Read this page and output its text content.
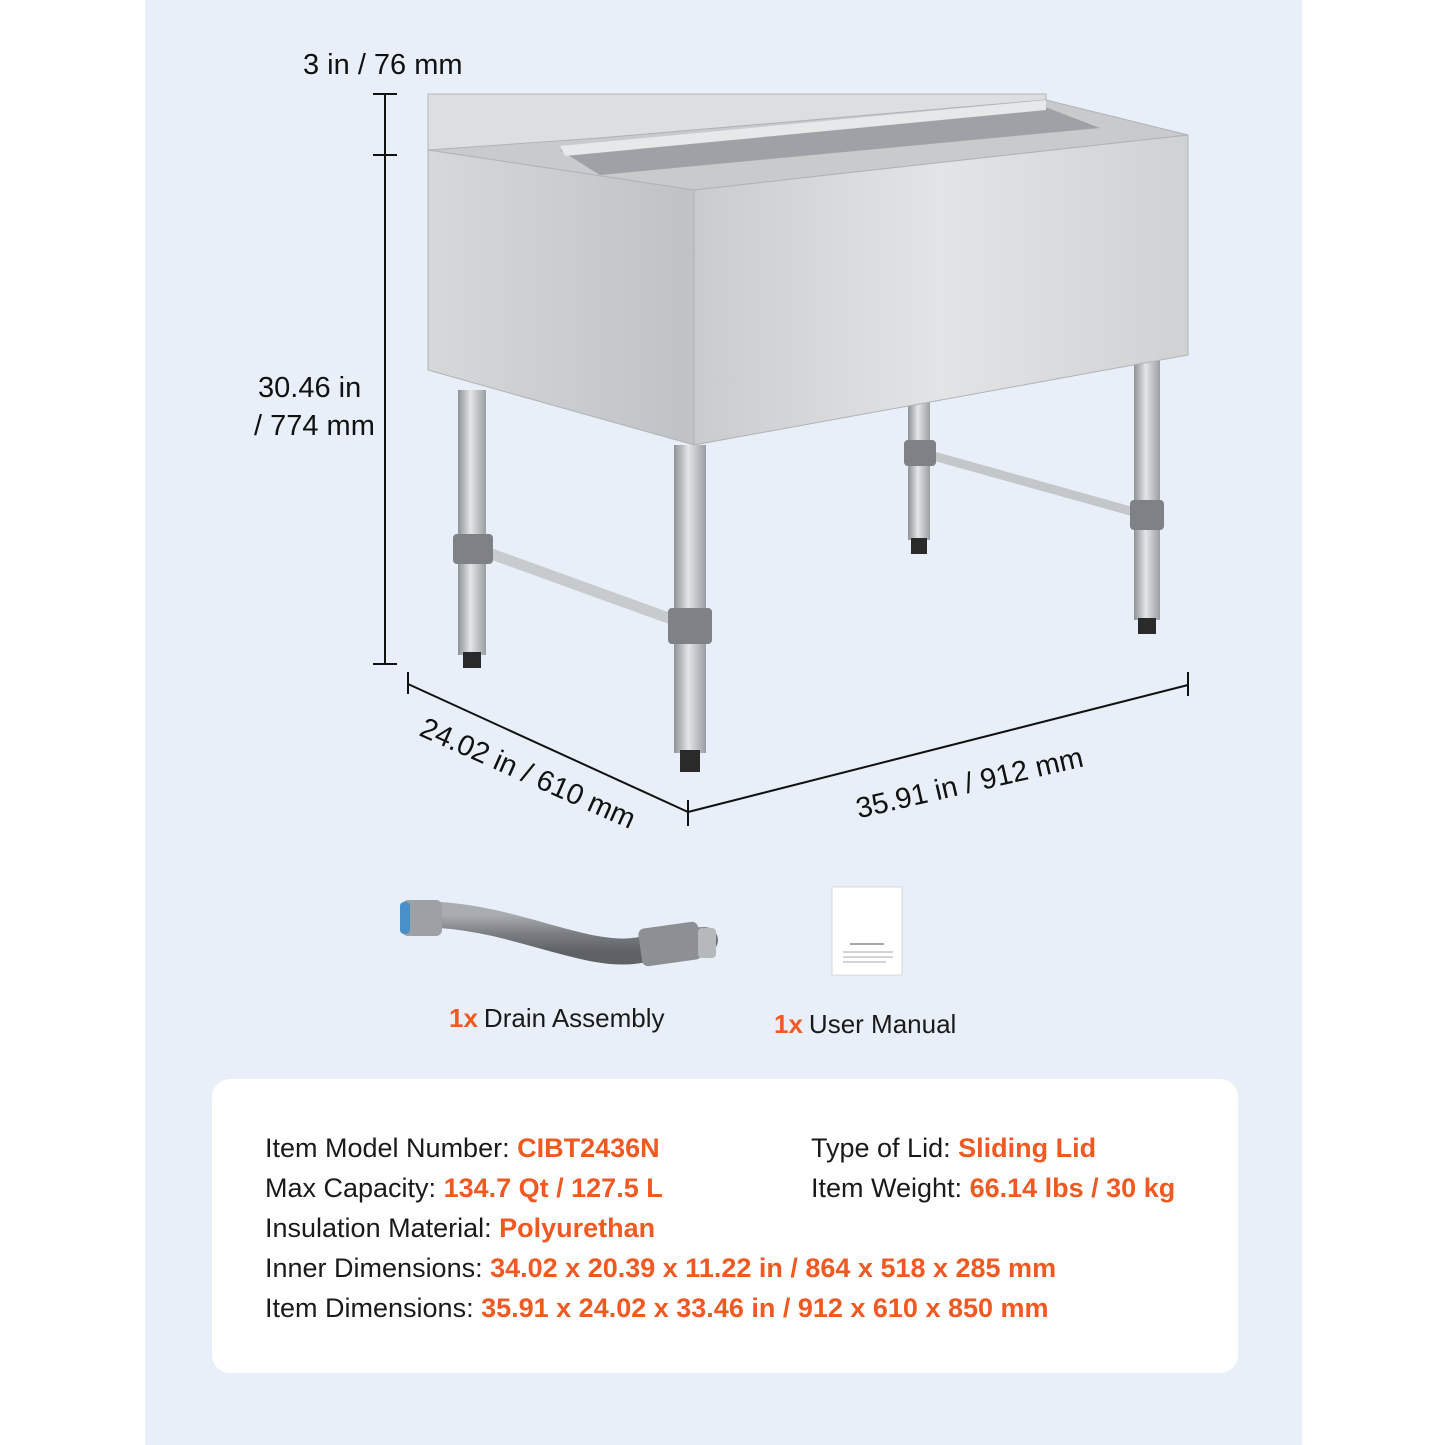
3 in / 76 mm
30.46 in
/ 774 mm
24.02 in / 610 mm	35.91 in / 912 mm
1x Drain Assembly	1x User Manual
Item Model Number: CIBT2436N	Type of Lid: Sliding Lid
Max Capacity: 134.7 Qt / 127.5 L	Item Weight: 66.14 lbs / 30 kg
Insulation Material: Polyurethan
Inner Dimensions: 34.02 x 20.39 x 11.22 in / 864 x 518 x 285 mm
Item Dimensions: 35.91 x 24.02 x 33.46 in / 912 x 610 x 850 mm
